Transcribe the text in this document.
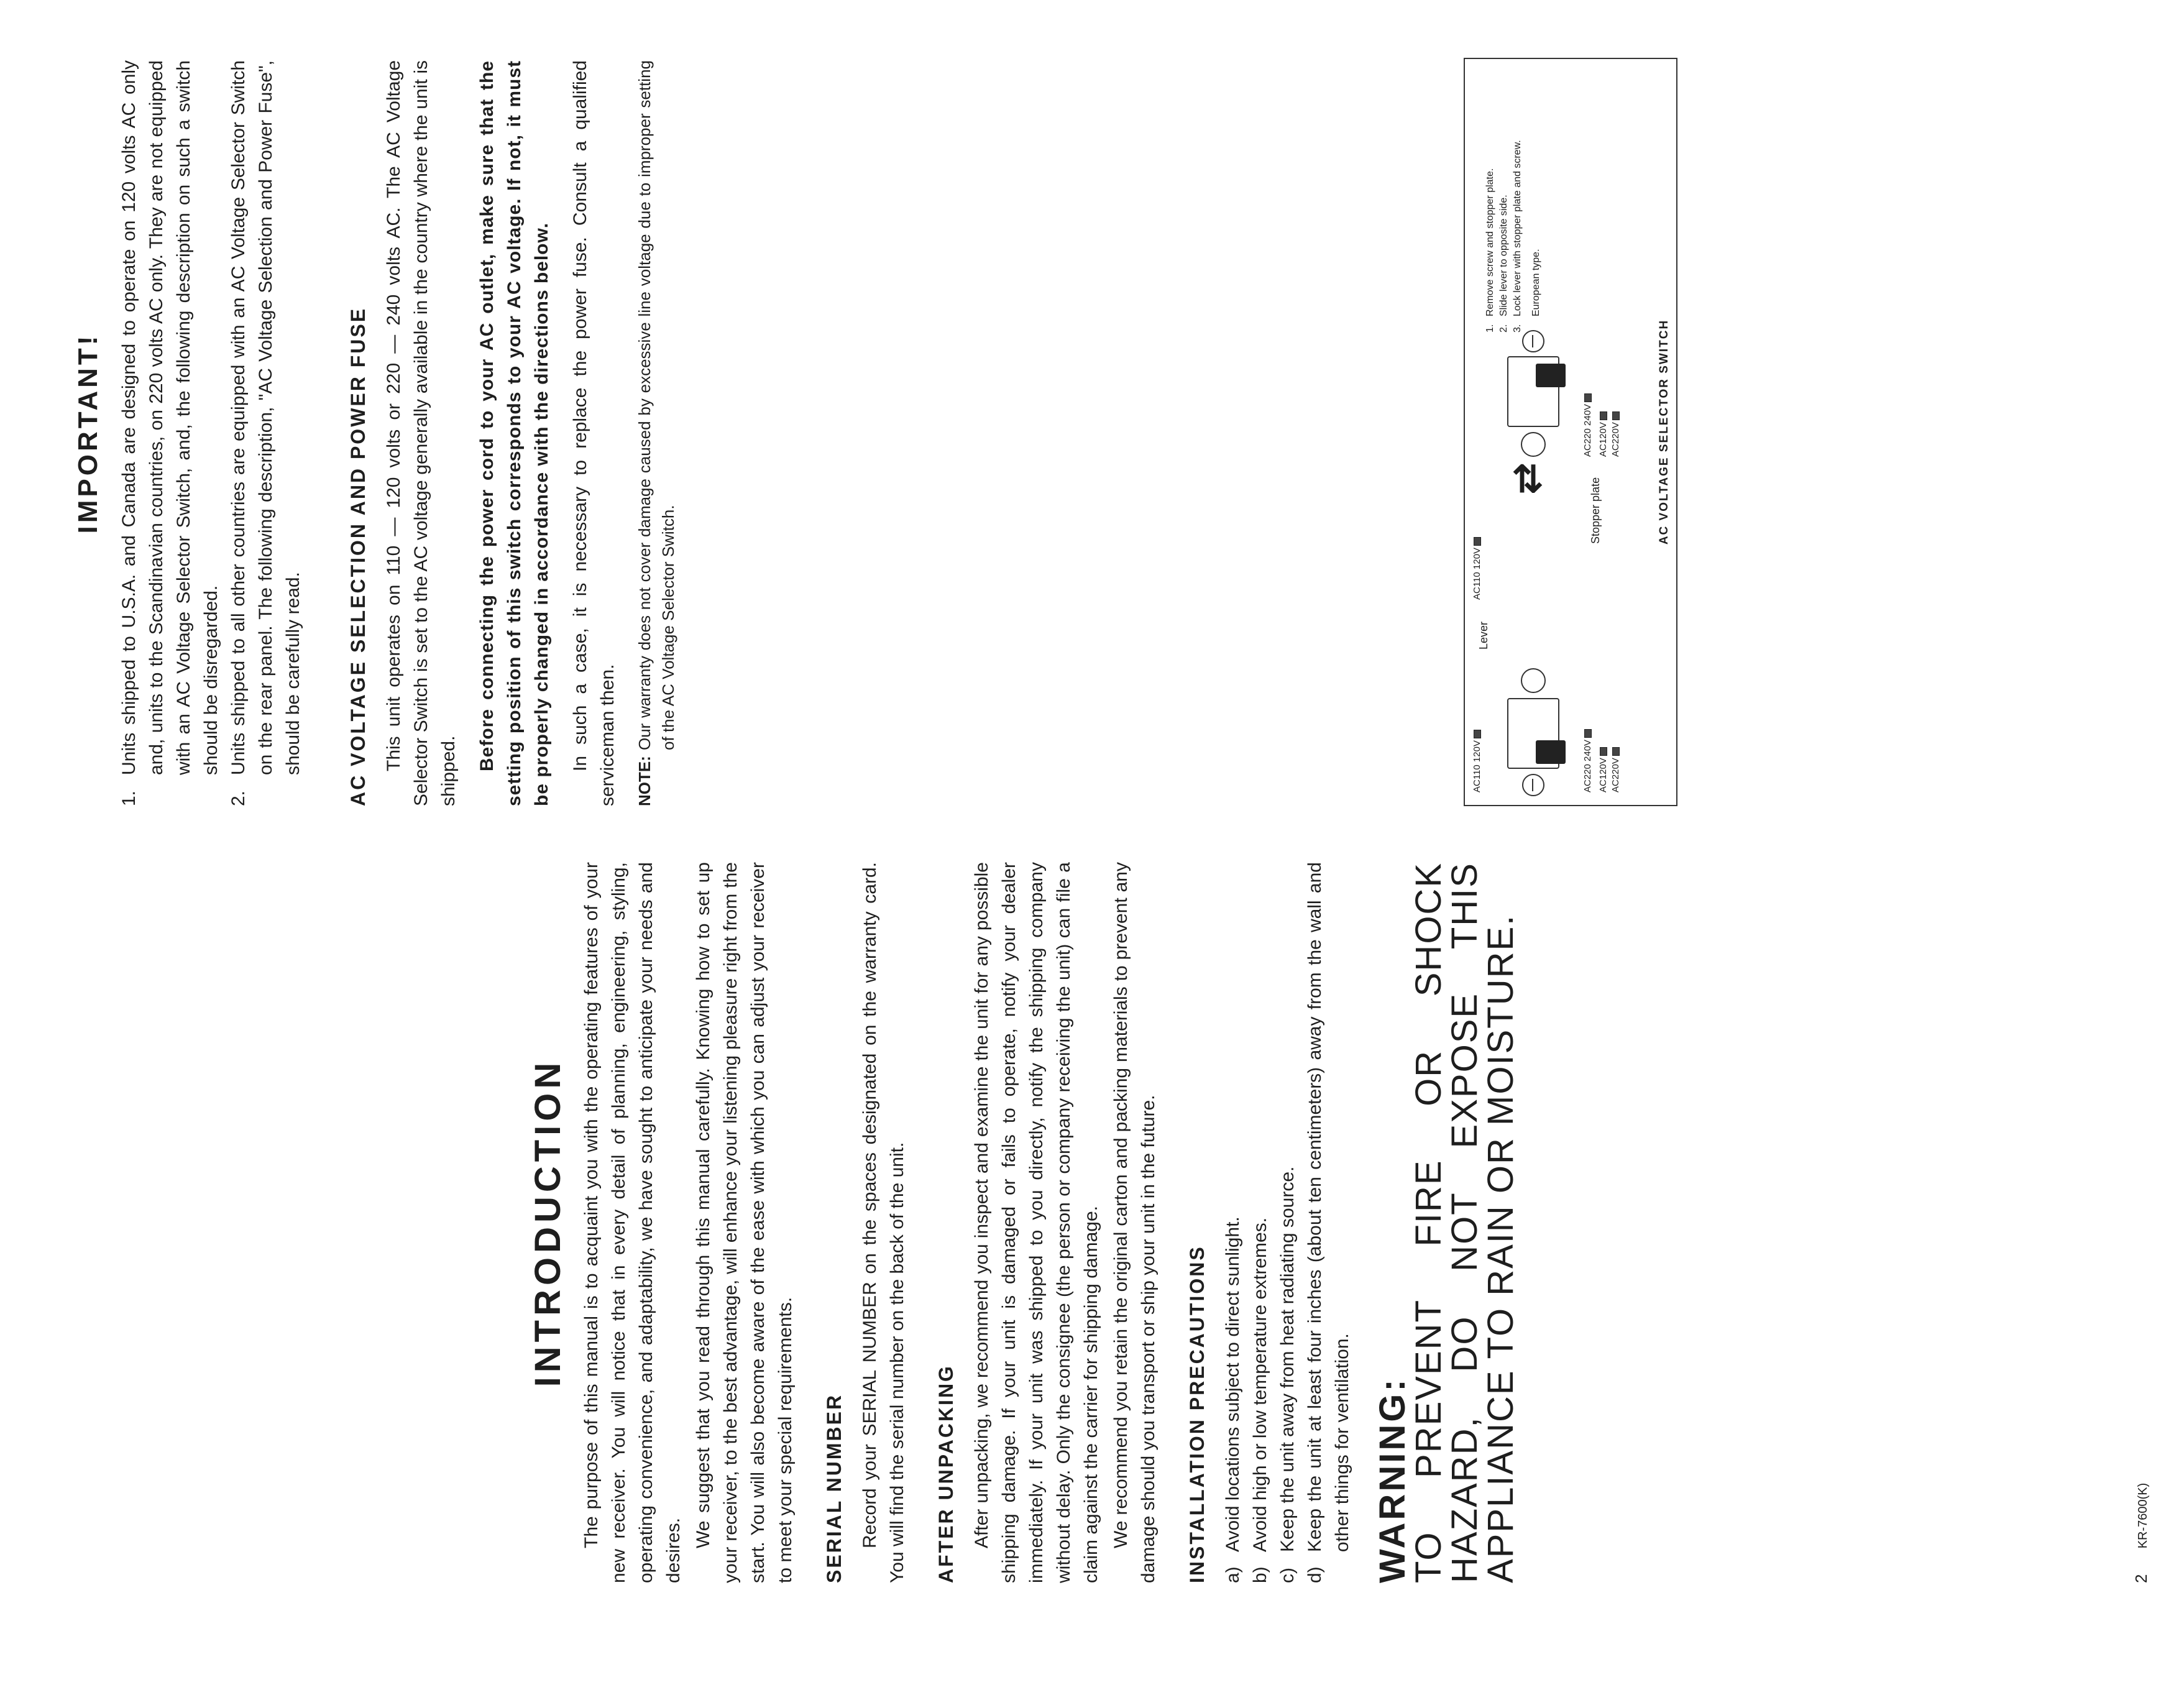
INTRODUCTION The purpose of this manual is to acquaint you with the operating features of your new receiver. You will notice that in every detail of planning, engineering, styling, operating convenience, and adaptability, we have sought to anticipate your needs and desires.

We suggest that you read through this manual carefully. Knowing how to set up your receiver, to the best advantage, will enhance your listening pleasure right from the start. You will also become aware of the ease with which you can adjust your receiver to meet your special requirements. SERIAL NUMBER Record your SERIAL NUMBER on the spaces designated on the warranty card. You will find the serial number on the back of the unit. AFTER UNPACKING After unpacking, we recommend you inspect and examine the unit for any possible shipping damage. If your unit is damaged or fails to operate, notify your dealer immediately. If your unit was shipped to you directly, notify the shipping company without delay. Only the consignee (the person or company receiving the unit) can file a claim against the carrier for shipping damage. We recommend you retain the original carton and packing materials to prevent any damage should you transport or ship your unit in the future. INSTALLATION PRECAUTIONS a)
Avoid locations subject to direct sunlight.
b)
Avoid high or low temperature extremes.
c)
Keep the unit away from heat radiating source.
d)
Keep the unit at least four inches (about ten centimeters) away from the wall and other things for ventilation. WARNING:
TO PREVENT FIRE OR SHOCK HAZARD, DO NOT EXPOSE THIS APPLIANCE TO RAIN OR MOISTURE.
IMPORTANT!
1.
Units shipped to U.S.A. and Canada are designed to operate on 120 volts AC only and, units to the Scandinavian countries, on 220 volts AC only. They are not equipped with an AC Voltage Selector Switch, and, the following description on such a switch should be disregarded.
2.
Units shipped to all other countries are equipped with an AC Voltage Selector Switch on the rear panel. The following description, "AC Voltage Selection and Power Fuse", should be carefully read. AC VOLTAGE SELECTION AND POWER FUSE This unit operates on 110 — 120 volts or 220 — 240 volts AC. The AC Voltage Selector Switch is set to the AC voltage generally available in the country where the unit is shipped. Before connecting the power cord to your AC outlet, make sure that the setting position of this switch corresponds to your AC voltage. If not, it must be properly changed in accordance with the directions below. In such a case, it is necessary to replace the power fuse. Consult a qualified serviceman then. NOTE:
Our warranty does not cover damage caused by excessive line voltage due to improper setting of the AC Voltage Selector Switch.
AC110 120V	AC220 240V AC120V AC220V
Lever
⇄	Stopper plate
AC110 120V
AC220 240V AC120V AC220V
1.
Remove screw and stopper plate.
2.
Slide lever to opposite side.
3.
Lock lever with stopper plate and screw. European type.
AC VOLTAGE SELECTOR SWITCH
2 KR-7600(K)
